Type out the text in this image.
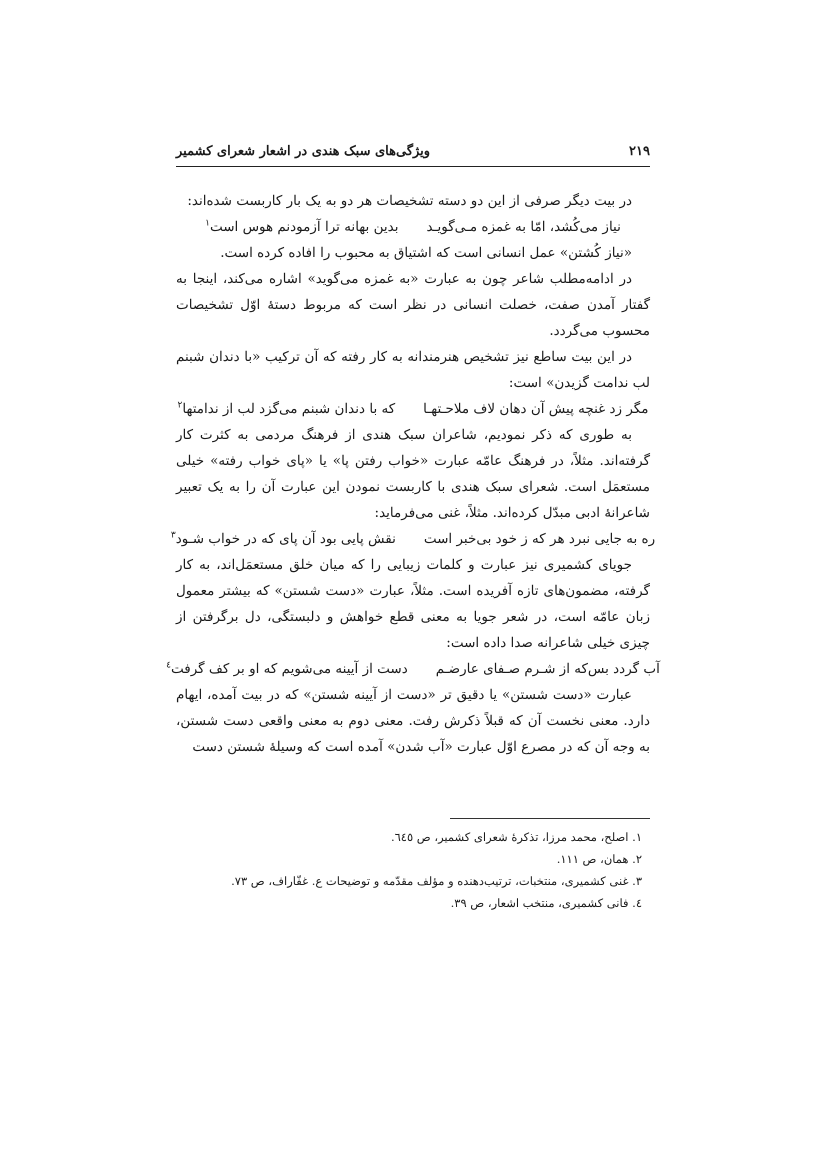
۲۱۹
ویژگی‌های سبک هندی در اشعار شعرای کشمیر

در بیت دیگر صرفی از این دو دسته تشخیصات هر دو به یک بار کاربست شده‌اند:

نیاز می‌کُشد، امّا به غمزه مـی‌گویـد
بدین بهانه ترا آزمودنم هوس است$^۱$

«نیاز کُشتن» عمل انسانی است که اشتیاق به محبوب را افاده کرده است.

در ادامه‌مطلب شاعر چون به عبارت «به غمزه می‌گوید» اشاره می‌کند، اینجا به گفتار آمدن صفت، خصلت انسانی در نظر است که مربوط دستهٔ اوّل تشخیصات محسوب می‌گردد.

در این بیت ساطع نیز تشخیص هنرمندانه به کار رفته که آن ترکیب «با دندان شبنم لب ندامت گزیدن» است:

مگر زد غنچه پیش آن دهان لاف ملاحـتهـا
که با دندان شبنم می‌گزد لب از ندامتها$^۲$

به طوری که ذکر نمودیم، شاعران سبک هندی از فرهنگ مردمی به کثرت کار گرفته‌اند. مثلاً، در فرهنگ عامّه عبارت «خواب رفتن پا» یا «پای خواب رفته» خیلی مستعمَل است. شعرای سبک هندی با کاربست نمودن این عبارت آن را به یک تعبیر شاعرانهٔ ادبی مبدّل کرده‌اند. مثلاً، غنی می‌فرماید:

ره به جایی نبرد هر که ز خود بی‌خبر است
نقش پایی بود آن پای که در خواب شـود$^۳$

جویای کشمیری نیز عبارت و کلمات زیبایی را که میان خلق مستعمَل‌اند، به کار گرفته، مضمون‌های تازه آفریده است. مثلاً، عبارت «دست شستن» که بیشتر معمول زبان عامّه است، در شعر جویا به معنی قطع خواهش و دلبستگی، دل برگرفتن از چیزی خیلی شاعرانه صدا داده است:

آب گردد بس‌که از شـرم صـفای عارضـم
دست از آیینه می‌شویم که او بر کف گرفت$^٤$

عبارت «دست شستن» یا دقیق تر «دست از آیینه شستن» که در بیت آمده، ایهام دارد. معنی نخست آن که قبلاً ذکرش رفت. معنی دوم به معنی واقعی دست شستن، به وجه آن که در مصرع اوّل عبارت «آب شدن» آمده است که وسیلهٔ شستن دست

۱. اصلح، محمد مرزا، تذکرهٔ شعرای کشمیر، ص ٦٤٥.
۲. همان، ص ۱۱۱.
۳. غنی کشمیری، منتخبات، ترتیب‌دهنده و مؤلف مقدّمه و توضیحات ع. غفّاراف، ص ۷۳.
٤. فانی کشمیری، منتخب اشعار، ص ۳۹.
